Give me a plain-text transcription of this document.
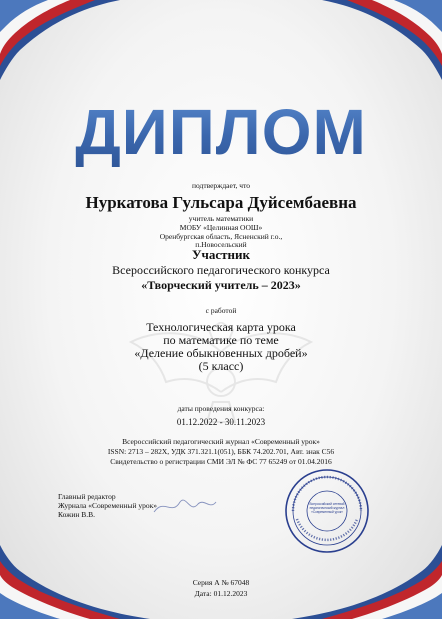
ДИПЛОМ
подтверждает, что
Нуркатова Гульсара Дуйсембаевна
учитель математики
МОБУ «Целинная ООШ»
Оренбургская область, Ясненский г.о.,
п.Новосельский
Участник
Всероссийского педагогического конкурса
«Творческий учитель – 2023»
с работой
Технологическая карта урока
по математике по теме
«Деление обыкновенных дробей»
(5 класс)
даты проведения конкурса:
01.12.2022 - 30.11.2023
Всероссийский педагогический журнал «Современный урок»
ISSN: 2713 – 282X, УДК 371.321.1(051), ББК 74.202.701, Авт. знак С56
Свидетельство о регистрации СМИ ЭЛ № ФС 77 65249 от 01.04.2016
Главный редактор
Журнала «Современный урок»
Кожин В.В.
Всероссийский сетевой
педагогический журнал
«Современный урок»
Серия А № 67048
Дата: 01.12.2023
